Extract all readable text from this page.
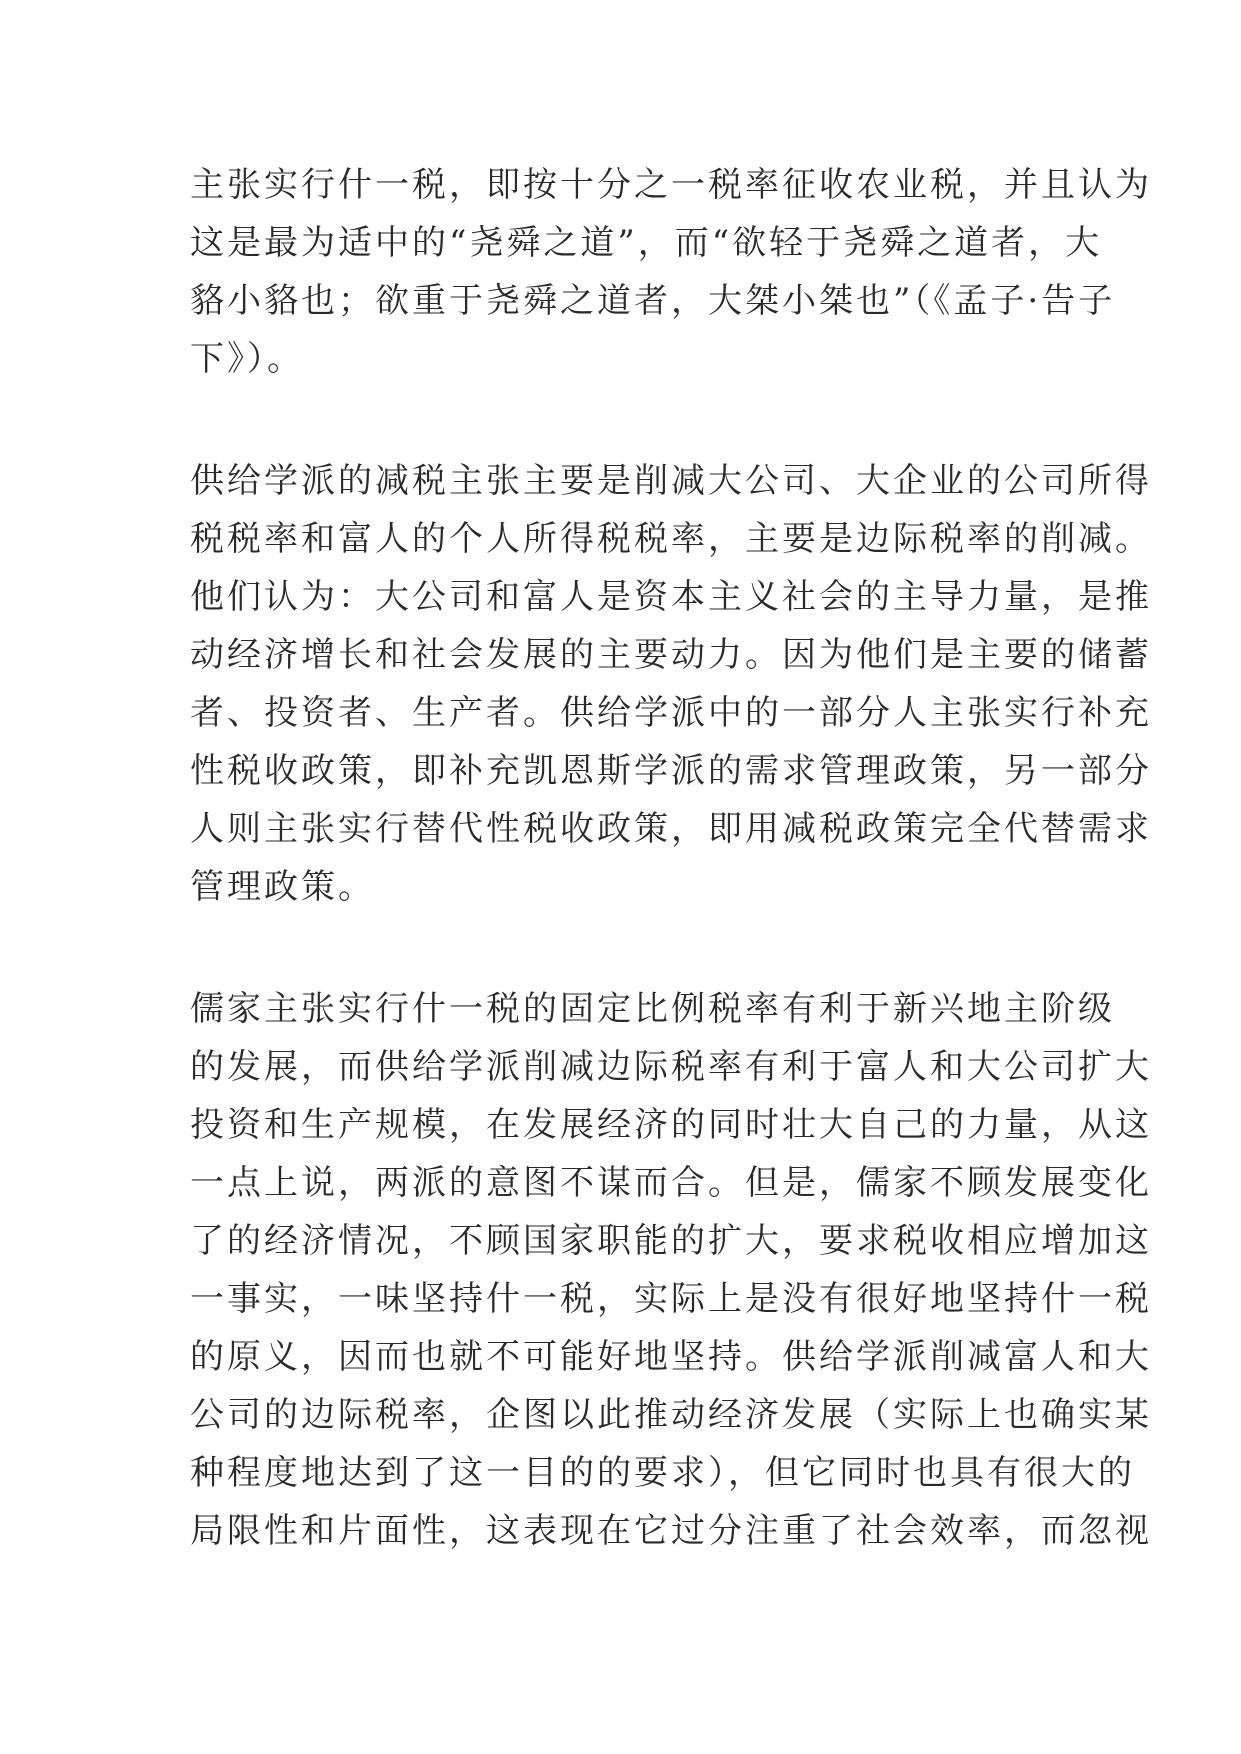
主张实行什一税，即按十分之一税率征收农业税，并且认为
这是最为适中的“尧舜之道”，而“欲轻于尧舜之道者，大
貉小貉也；欲重于尧舜之道者，大桀小桀也”（《孟子·告子
下》）。

供给学派的减税主张主要是削减大公司、大企业的公司所得
税税率和富人的个人所得税税率，主要是边际税率的削减。
他们认为：大公司和富人是资本主义社会的主导力量，是推
动经济增长和社会发展的主要动力。因为他们是主要的储蓄
者、投资者、生产者。供给学派中的一部分人主张实行补充
性税收政策，即补充凯恩斯学派的需求管理政策，另一部分
人则主张实行替代性税收政策，即用减税政策完全代替需求
管理政策。

儒家主张实行什一税的固定比例税率有利于新兴地主阶级
的发展，而供给学派削减边际税率有利于富人和大公司扩大
投资和生产规模，在发展经济的同时壮大自己的力量，从这
一点上说，两派的意图不谋而合。但是，儒家不顾发展变化
了的经济情况，不顾国家职能的扩大，要求税收相应增加这
一事实，一味坚持什一税，实际上是没有很好地坚持什一税
的原义，因而也就不可能好地坚持。供给学派削减富人和大
公司的边际税率，企图以此推动经济发展（实际上也确实某
种程度地达到了这一目的的要求），但它同时也具有很大的
局限性和片面性，这表现在它过分注重了社会效率，而忽视
